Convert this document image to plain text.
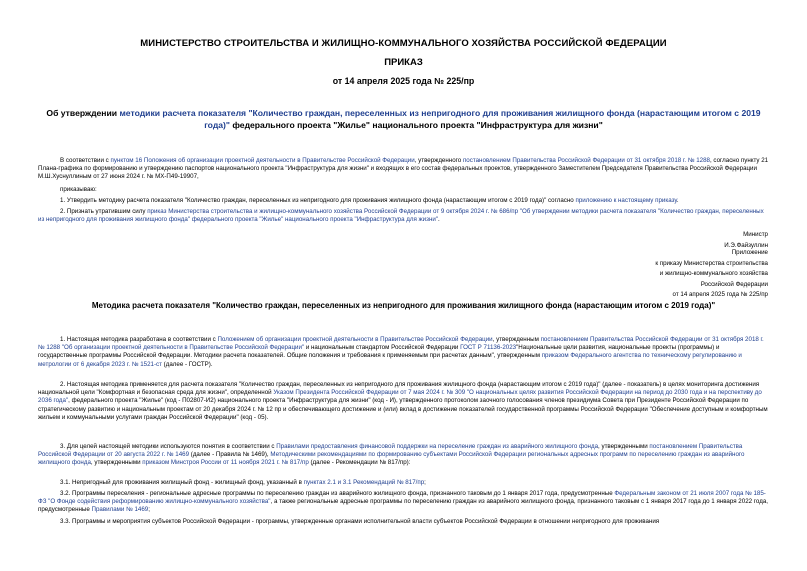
МИНИСТЕРСТВО СТРОИТЕЛЬСТВА И ЖИЛИЩНО-КОММУНАЛЬНОГО ХОЗЯЙСТВА РОССИЙСКОЙ ФЕДЕРАЦИИ
ПРИКАЗ
от 14 апреля 2025 года № 225/пр
Об утверждении методики расчета показателя "Количество граждан, переселенных из непригодного для проживания жилищного фонда (нарастающим итогом с 2019 года)" федерального проекта "Жилье" национального проекта "Инфраструктура для жизни"
В соответствии с пунктом 16 Положения об организации проектной деятельности в Правительстве Российской Федерации, утвержденного постановлением Правительства Российской Федерации от 31 октября 2018 г. № 1288, согласно пункту 21 Плана-графика по формированию и утверждению паспортов национального проекта "Инфраструктура для жизни" и входящих в его состав федеральных проектов, утвержденного Заместителем Председателя Правительства Российской Федерации М.Ш.Хуснуллиным от 27 июня 2024 г. № МХ-П49-19907,
приказываю:
1. Утвердить методику расчета показателя "Количество граждан, переселенных из непригодного для проживания жилищного фонда (нарастающим итогом с 2019 года)" согласно приложению к настоящему приказу.
2. Признать утратившим силу приказ Министерства строительства и жилищно-коммунального хозяйства Российской Федерации от 9 октября 2024 г. № 686/пр "Об утверждении методики расчета показателя "Количество граждан, переселенных из непригодного для проживания жилищного фонда" федерального проекта "Жилье" национального проекта "Инфраструктура для жизни".
Министр
И.Э.Файзуллин
Приложение
к приказу Министерства строительства
и жилищно-коммунального хозяйства
Российской Федерации
от 14 апреля 2025 года № 225/пр
Методика расчета показателя "Количество граждан, переселенных из непригодного для проживания жилищного фонда (нарастающим итогом с 2019 года)"
1. Настоящая методика разработана в соответствии с Положением об организации проектной деятельности в Правительстве Российской Федерации, утвержденным постановлением Правительства Российской Федерации от 31 октября 2018 г. № 1288 "Об организации проектной деятельности в Правительстве Российской Федерации" и национальным стандартом Российской Федерации ГОСТ Р 71136-2023"Национальные цели развития, национальные проекты (программы) и государственные программы Российской Федерации. Методики расчета показателей. Общие положения и требования к применяемым при расчетах данным", утвержденным приказом Федерального агентства по техническому регулированию и метрологии от 6 декабря 2023 г. № 1521-ст (далее - ГОСТР).
2. Настоящая методика применяется для расчета показателя "Количество граждан, переселенных из непригодного для проживания жилищного фонда (нарастающим итогом с 2019 года)" (далее - показатель) в целях мониторинга достижения национальной цели "Комфортная и безопасная среда для жизни", определенной Указом Президента Российской Федерации от 7 мая 2024 г. № 309 "О национальных целях развития Российской Федерации на период до 2030 года и на перспективу до 2036 года", федерального проекта "Жилье" (код - П02807-И2) национального проекта "Инфраструктура для жизни" (код - И), утвержденного протоколом заочного голосования членов президиума Совета при Президенте Российской Федерации по стратегическому развитию и национальным проектам от 20 декабря 2024 г. № 12 пр и обеспечивающего достижение и (или) вклад в достижение показателей государственной программы Российской Федерации "Обеспечение доступным и комфортным жильем и коммунальными услугами граждан Российской Федерации" (код - 05).
3. Для целей настоящей методики используются понятия в соответствии с Правилами предоставления финансовой поддержки на переселение граждан из аварийного жилищного фонда, утвержденными постановлением Правительства Российской Федерации от 20 августа 2022 г. № 1469 (далее - Правила № 1469), Методическими рекомендациями по формированию субъектами Российской Федерации региональных адресных программ по переселению граждан из аварийного жилищного фонда, утвержденными приказом Минстроя России от 11 ноября 2021 г. № 817/пр (далее - Рекомендации № 817/пр):
3.1. Непригодный для проживания жилищный фонд - жилищный фонд, указанный в пунктах 2.1 и 3.1 Рекомендаций № 817/пр;
3.2. Программы переселения - региональные адресные программы по переселению граждан из аварийного жилищного фонда, признанного таковым до 1 января 2017 года, предусмотренные Федеральным законом от 21 июля 2007 года № 185-ФЗ "О Фонде содействия реформированию жилищно-коммунального хозяйства", а также региональные адресные программы по переселению граждан из аварийного жилищного фонда, признанного таковым с 1 января 2017 года до 1 января 2022 года, предусмотренные Правилами № 1469;
3.3. Программы и мероприятия субъектов Российской Федерации - программы, утвержденные органами исполнительной власти субъектов Российской Федерации в отношении непригодного для проживания
